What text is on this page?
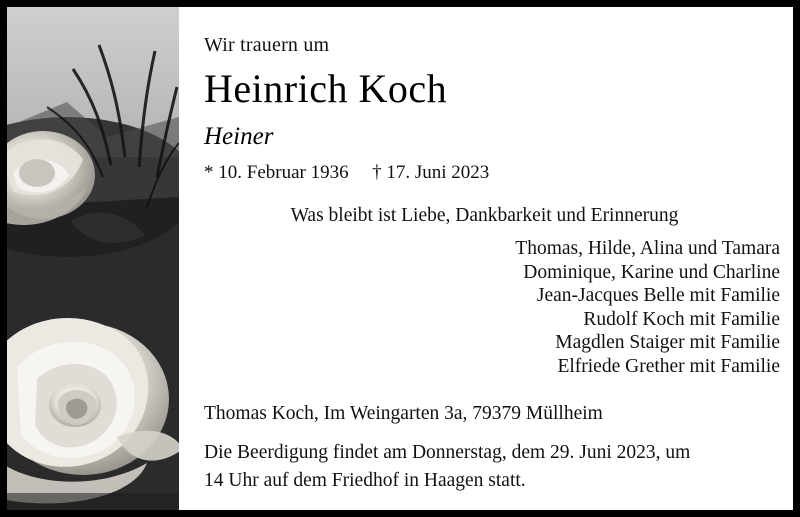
Wir trauern um
Heinrich Koch
Heiner
* 10. Februar 1936 † 17. Juni 2023
Was bleibt ist Liebe, Dankbarkeit und Erinnerung
Thomas, Hilde, Alina und Tamara
Dominique, Karine und Charline
Jean-Jacques Belle mit Familie
Rudolf Koch mit Familie
Magdlen Staiger mit Familie
Elfriede Grether mit Familie
Thomas Koch, Im Weingarten 3a, 79379 Müllheim
Die Beerdigung findet am Donnerstag, dem 29. Juni 2023, um
14 Uhr auf dem Friedhof in Haagen statt.
